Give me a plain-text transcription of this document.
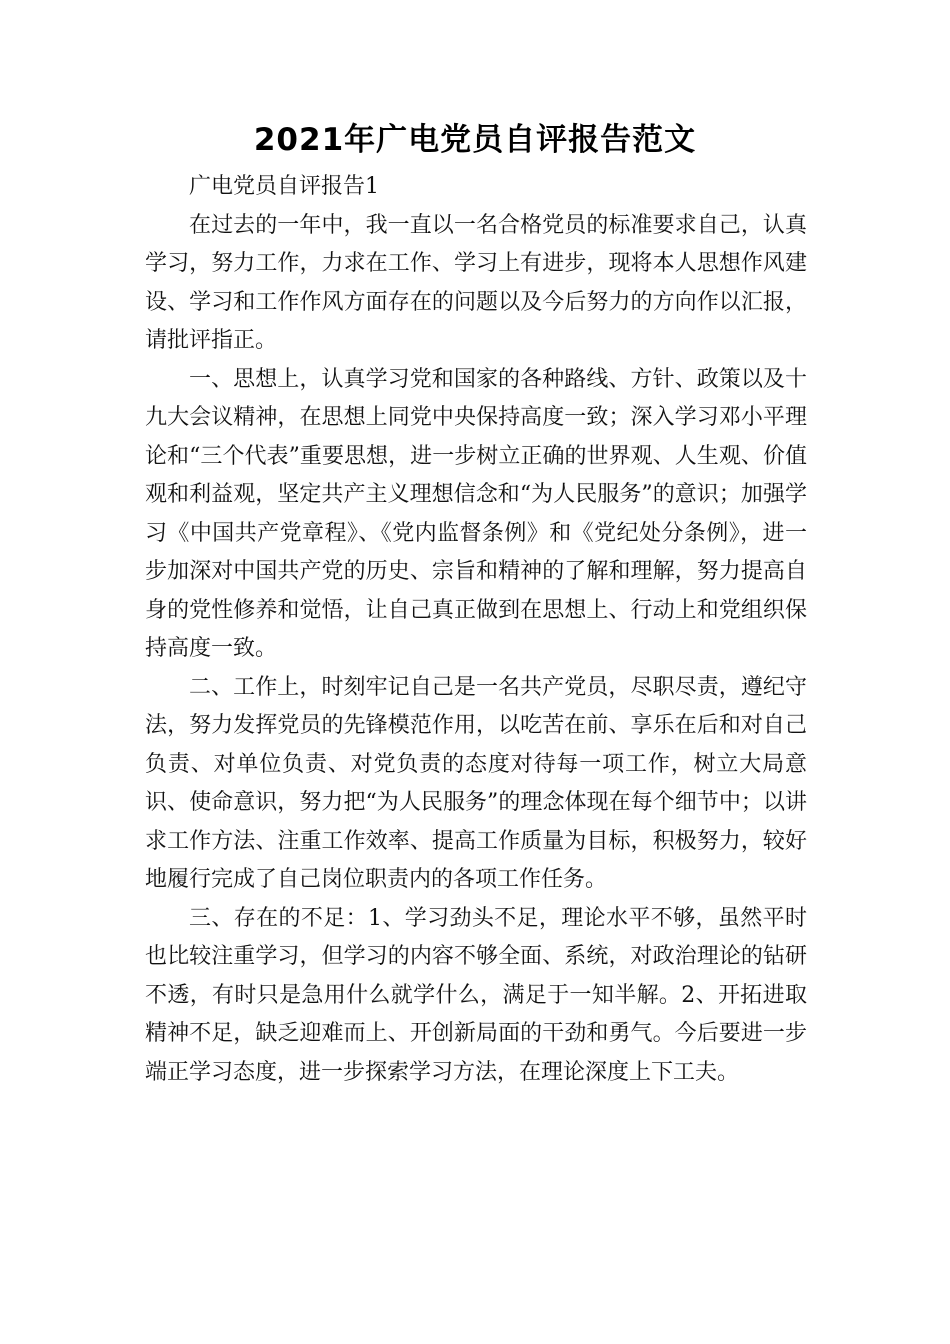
2021年广电党员自评报告范文

广电党员自评报告1

在过去的一年中，我一直以一名合格党员的标准要求自己，认真学习，努力工作，力求在工作、学习上有进步，现将本人思想作风建设、学习和工作作风方面存在的问题以及今后努力的方向作以汇报，请批评指正。

一、思想上，认真学习党和国家的各种路线、方针、政策以及十九大会议精神，在思想上同党中央保持高度一致；深入学习邓小平理论和“三个代表”重要思想，进一步树立正确的世界观、人生观、价值观和利益观，坚定共产主义理想信念和“为人民服务”的意识；加强学习《中国共产党章程》、《党内监督条例》和《党纪处分条例》，进一步加深对中国共产党的历史、宗旨和精神的了解和理解，努力提高自身的党性修养和觉悟，让自己真正做到在思想上、行动上和党组织保持高度一致。

二、工作上，时刻牢记自己是一名共产党员，尽职尽责，遵纪守法，努力发挥党员的先锋模范作用，以吃苦在前、享乐在后和对自己负责、对单位负责、对党负责的态度对待每一项工作，树立大局意识、使命意识，努力把“为人民服务”的理念体现在每个细节中；以讲求工作方法、注重工作效率、提高工作质量为目标，积极努力，较好地履行完成了自己岗位职责内的各项工作任务。

三、存在的不足：1、学习劲头不足，理论水平不够，虽然平时也比较注重学习，但学习的内容不够全面、系统，对政治理论的钻研不透，有时只是急用什么就学什么，满足于一知半解。2、开拓进取精神不足，缺乏迎难而上、开创新局面的干劲和勇气。今后要进一步端正学习态度，进一步探索学习方法，在理论深度上下工夫。
